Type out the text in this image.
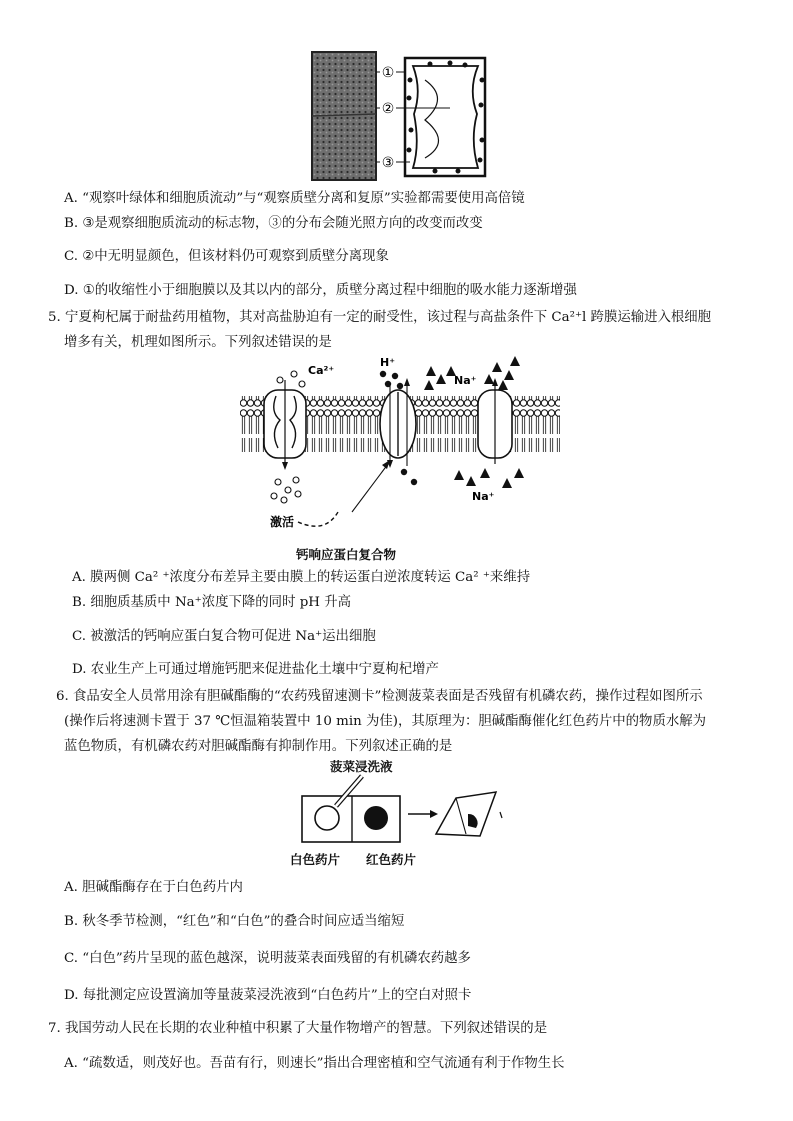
①
②
③
A. “观察叶绿体和细胞质流动”与“观察质壁分离和复原”实验都需要使用高倍镜
B. ③是观察细胞质流动的标志物，③的分布会随光照方向的改变而改变
C. ②中无明显颜色，但该材料仍可观察到质壁分离现象
D. ①的收缩性小于细胞膜以及其以内的部分，质壁分离过程中细胞的吸水能力逐渐增强
5. 宁夏枸杞属于耐盐药用植物，其对高盐胁迫有一定的耐受性，该过程与高盐条件下 Ca²⁺l 跨膜运输进入根细胞
增多有关，机理如图所示。下列叙述错误的是
Ca²⁺
H⁺
Na⁺
Na⁺
激活
钙响应蛋白复合物
A. 膜两侧 Ca² ⁺浓度分布差异主要由膜上的转运蛋白逆浓度转运 Ca² ⁺来维持
B. 细胞质基质中 Na⁺浓度下降的同时 pH 升高
C. 被激活的钙响应蛋白复合物可促进 Na⁺运出细胞
D. 农业生产上可通过增施钙肥来促进盐化土壤中宁夏枸杞增产
6. 食品安全人员常用涂有胆碱酯酶的“农药残留速测卡”检测菠菜表面是否残留有机磷农药，操作过程如图所示
(操作后将速测卡置于 37 ℃恒温箱装置中 10 min 为佳)，其原理为：胆碱酯酶催化红色药片中的物质水解为
蓝色物质，有机磷农药对胆碱酯酶有抑制作用。下列叙述正确的是
菠菜浸洗液
白色药片 红色药片
A. 胆碱酯酶存在于白色药片内
B. 秋冬季节检测，“红色”和“白色”的叠合时间应适当缩短
C. “白色”药片呈现的蓝色越深，说明菠菜表面残留的有机磷农药越多
D. 每批测定应设置滴加等量菠菜浸洗液到“白色药片”上的空白对照卡
7. 我国劳动人民在长期的农业种植中积累了大量作物增产的智慧。下列叙述错误的是
A. “疏数适，则茂好也。吾苗有行，则速长”指出合理密植和空气流通有利于作物生长
